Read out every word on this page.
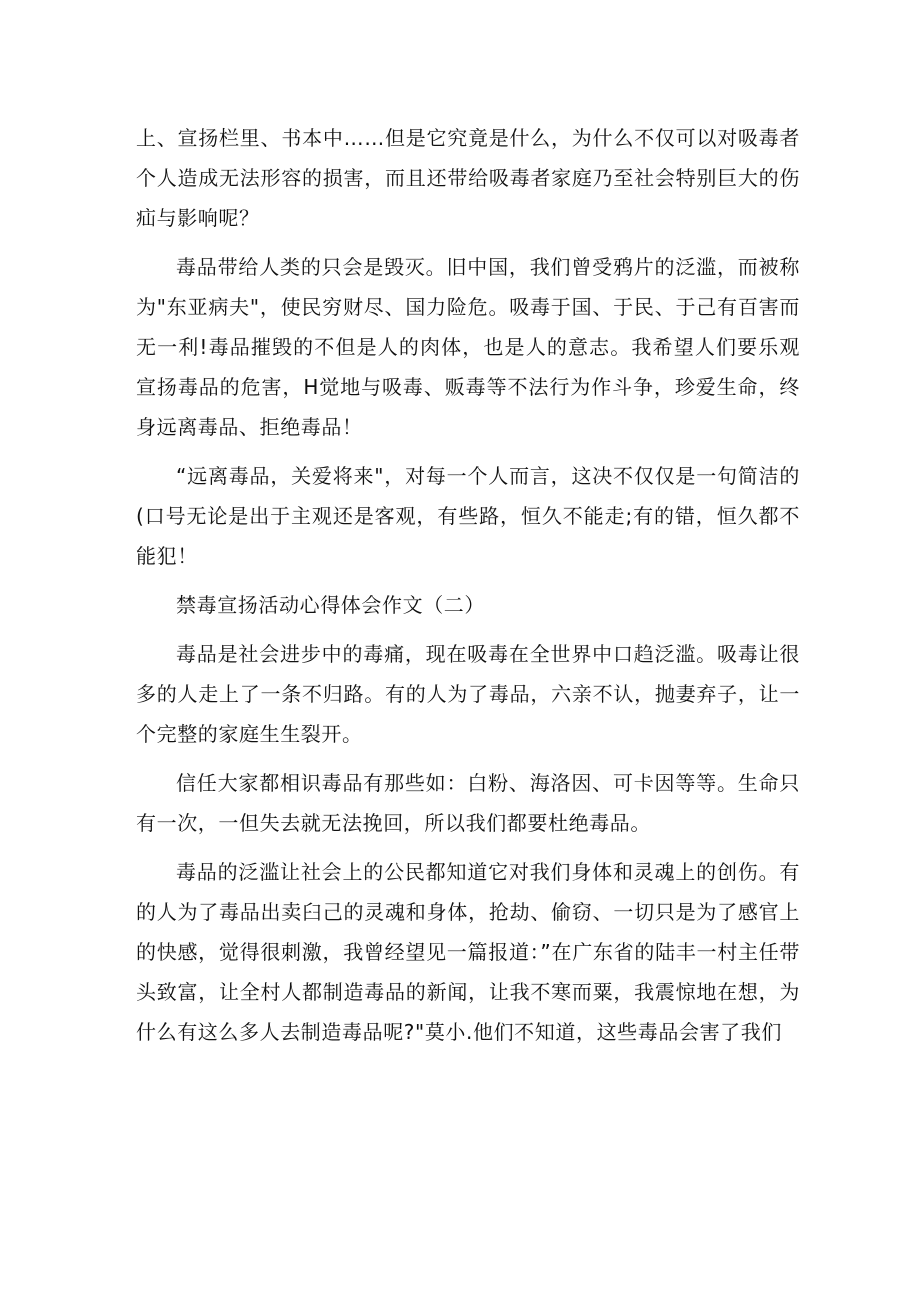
上、宣扬栏里、书本中……但是它究竟是什么，为什么不仅可以对吸毒者个人造成无法形容的损害，而且还带给吸毒者家庭乃至社会特别巨大的伤疝与影响呢？

毒品带给人类的只会是毁灭。旧中国，我们曾受鸦片的泛滥，而被称为"东亚病夫"，使民穷财尽、国力险危。吸毒于国、于民、于己有百害而无一利!毒品摧毁的不但是人的肉体，也是人的意志。我希望人们要乐观宣扬毒品的危害，H觉地与吸毒、贩毒等不法行为作斗争，珍爱生命，终身远离毒品、拒绝毒品！

“远离毒品，关爱将来"，对每一个人而言，这决不仅仅是一句简洁的(口号无论是出于主观还是客观，有些路，恒久不能走;有的错，恒久都不能犯！

禁毒宣扬活动心得体会作文（二）

毒品是社会进步中的毒痛，现在吸毒在全世界中口趋泛滥。吸毒让很多的人走上了一条不归路。有的人为了毒品，六亲不认，抛妻弃子，让一个完整的家庭生生裂开。

信任大家都相识毒品有那些如：白粉、海洛因、可卡因等等。生命只有一次，一但失去就无法挽回，所以我们都要杜绝毒品。

毒品的泛滥让社会上的公民都知道它对我们身体和灵魂上的创伤。有的人为了毒品出卖臼己的灵魂和身体，抢劫、偷窃、一切只是为了感官上的快感，觉得很刺激，我曾经望见一篇报道：”在广东省的陆丰一村主任带头致富，让全村人都制造毒品的新闻，让我不寒而粟，我震惊地在想，为什么有这么多人去制造毒品呢?"莫小.他们不知道，这些毒品会害了我们
